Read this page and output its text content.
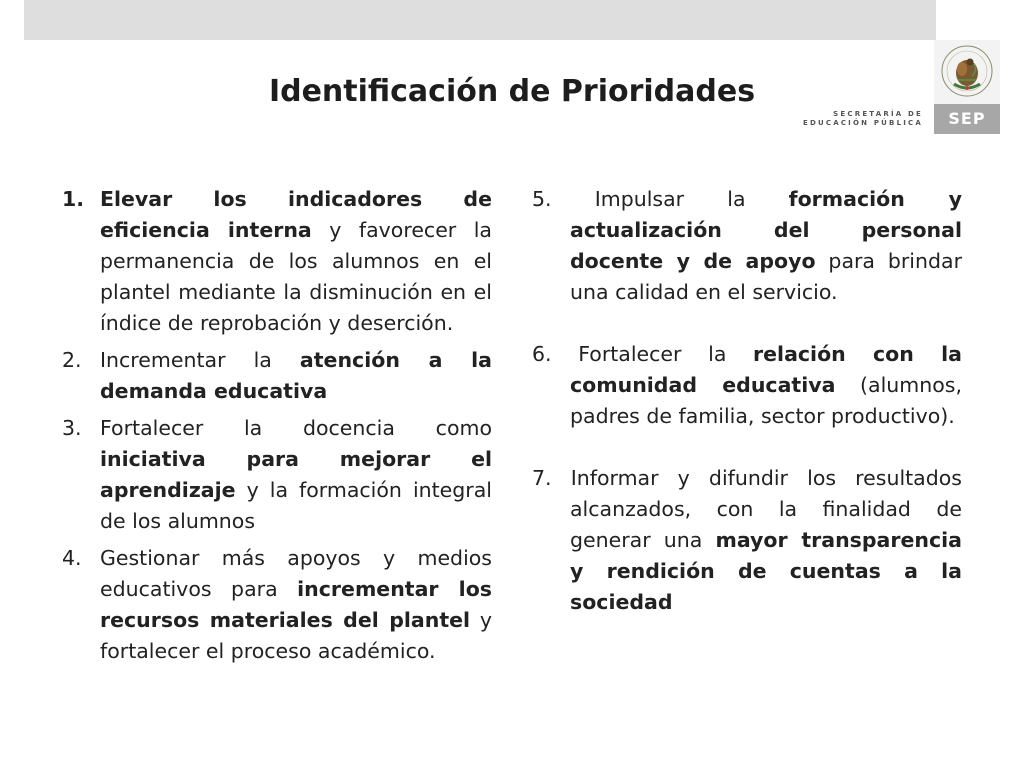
SEP
SECRETARÍA DE
EDUCACIÓN PÚBLICA
Identificación de Prioridades
1. Elevar los indicadores de eficiencia interna y favorecer la permanencia de los alumnos en el plantel mediante la disminución en el índice de reprobación y deserción.
2. Incrementar la atención a la demanda educativa
3. Fortalecer la docencia como iniciativa para mejorar el aprendizaje y la formación integral de los alumnos
4. Gestionar más apoyos y medios educativos para incrementar los recursos materiales del plantel y fortalecer el proceso académico.
5. Impulsar la formación y actualización del personal docente y de apoyo para brindar una calidad en el servicio.
6. Fortalecer la relación con la comunidad educativa (alumnos, padres de familia, sector productivo).
7. Informar y difundir los resultados alcanzados, con la finalidad de generar una mayor transparencia y rendición de cuentas a la sociedad
